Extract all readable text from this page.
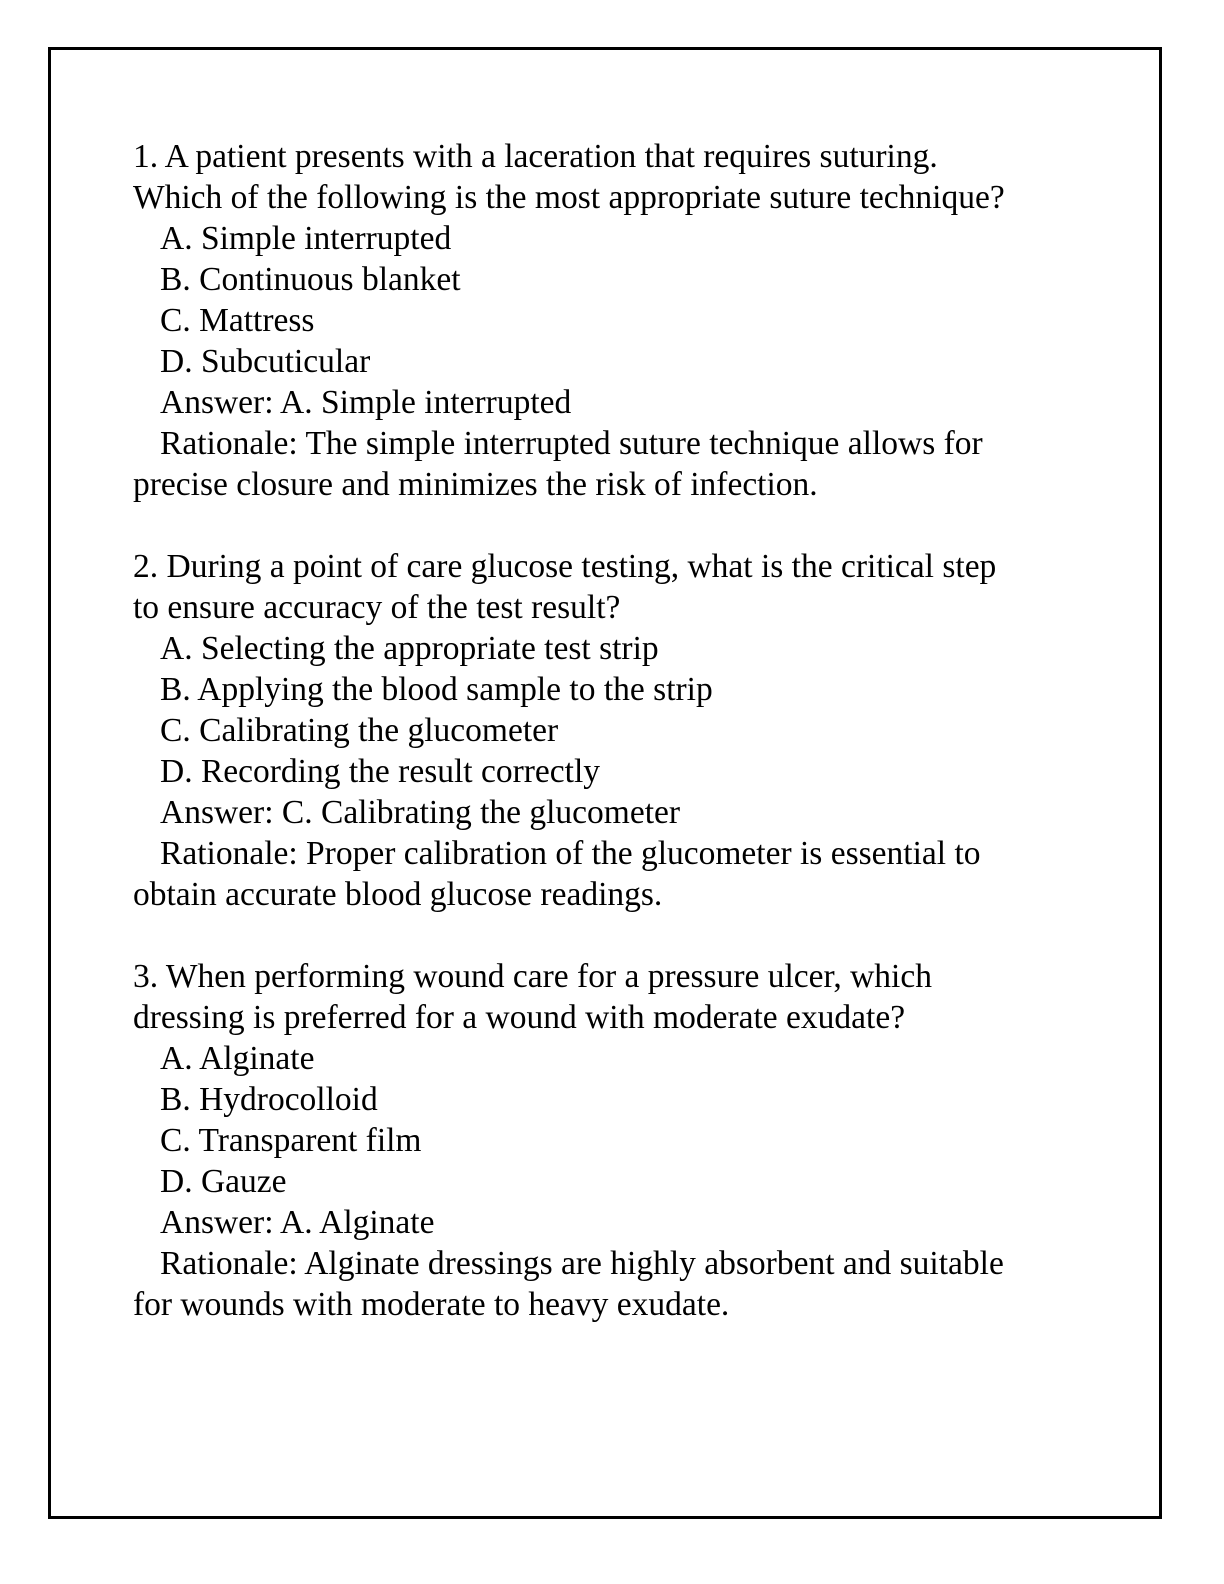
1. A patient presents with a laceration that requires suturing.
Which of the following is the most appropriate suture technique?
A. Simple interrupted
B. Continuous blanket
C. Mattress
D. Subcuticular
Answer: A. Simple interrupted
Rationale: The simple interrupted suture technique allows for
precise closure and minimizes the risk of infection.
2. During a point of care glucose testing, what is the critical step
to ensure accuracy of the test result?
A. Selecting the appropriate test strip
B. Applying the blood sample to the strip
C. Calibrating the glucometer
D. Recording the result correctly
Answer: C. Calibrating the glucometer
Rationale: Proper calibration of the glucometer is essential to
obtain accurate blood glucose readings.
3. When performing wound care for a pressure ulcer, which
dressing is preferred for a wound with moderate exudate?
A. Alginate
B. Hydrocolloid
C. Transparent film
D. Gauze
Answer: A. Alginate
Rationale: Alginate dressings are highly absorbent and suitable
for wounds with moderate to heavy exudate.
